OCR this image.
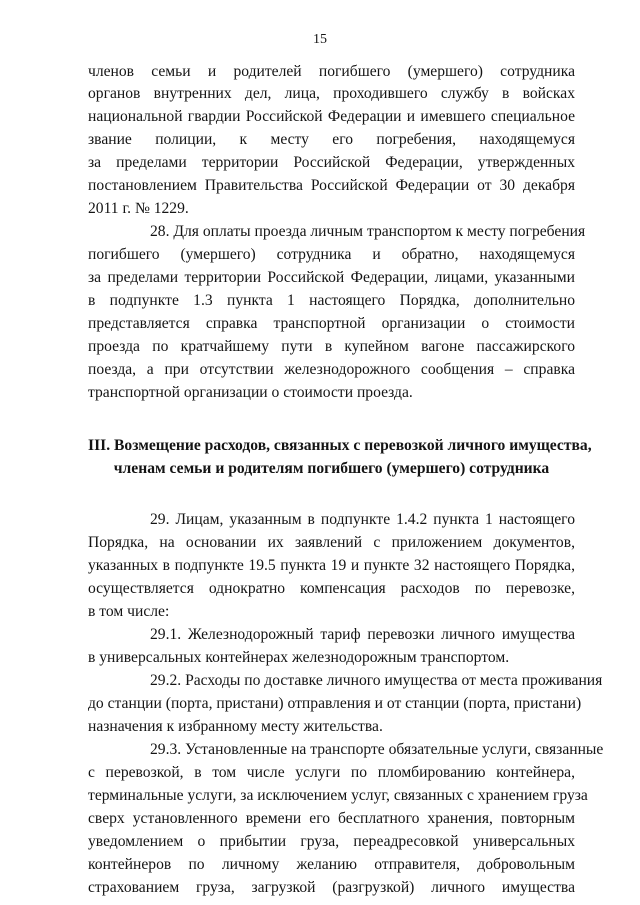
15
членов семьи и родителей погибшего (умершего) сотрудника
органов внутренних дел, лица, проходившего службу в войсках
национальной гвардии Российской Федерации и имевшего специальное
звание полиции, к месту его погребения, находящемуся
за пределами территории Российской Федерации, утвержденных
постановлением Правительства Российской Федерации от 30 декабря
2011 г. № 1229.
28. Для оплаты проезда личным транспортом к месту погребения
погибшего (умершего) сотрудника и обратно, находящемуся
за пределами территории Российской Федерации, лицами, указанными
в подпункте 1.3 пункта 1 настоящего Порядка, дополнительно
представляется справка транспортной организации о стоимости
проезда по кратчайшему пути в купейном вагоне пассажирского
поезда, а при отсутствии железнодорожного сообщения – справка
транспортной организации о стоимости проезда.
III. Возмещение расходов, связанных с перевозкой личного имущества,
членам семьи и родителям погибшего (умершего) сотрудника
29. Лицам, указанным в подпункте 1.4.2 пункта 1 настоящего
Порядка, на основании их заявлений с приложением документов,
указанных в подпункте 19.5 пункта 19 и пункте 32 настоящего Порядка,
осуществляется однократно компенсация расходов по перевозке,
в том числе:
29.1. Железнодорожный тариф перевозки личного имущества
в универсальных контейнерах железнодорожным транспортом.
29.2. Расходы по доставке личного имущества от места проживания
до станции (порта, пристани) отправления и от станции (порта, пристани)
назначения к избранному месту жительства.
29.3. Установленные на транспорте обязательные услуги, связанные
с перевозкой, в том числе услуги по пломбированию контейнера,
терминальные услуги, за исключением услуг, связанных с хранением груза
сверх установленного времени его бесплатного хранения, повторным
уведомлением о прибытии груза, переадресовкой универсальных
контейнеров по личному желанию отправителя, добровольным
страхованием груза, загрузкой (разгрузкой) личного имущества
